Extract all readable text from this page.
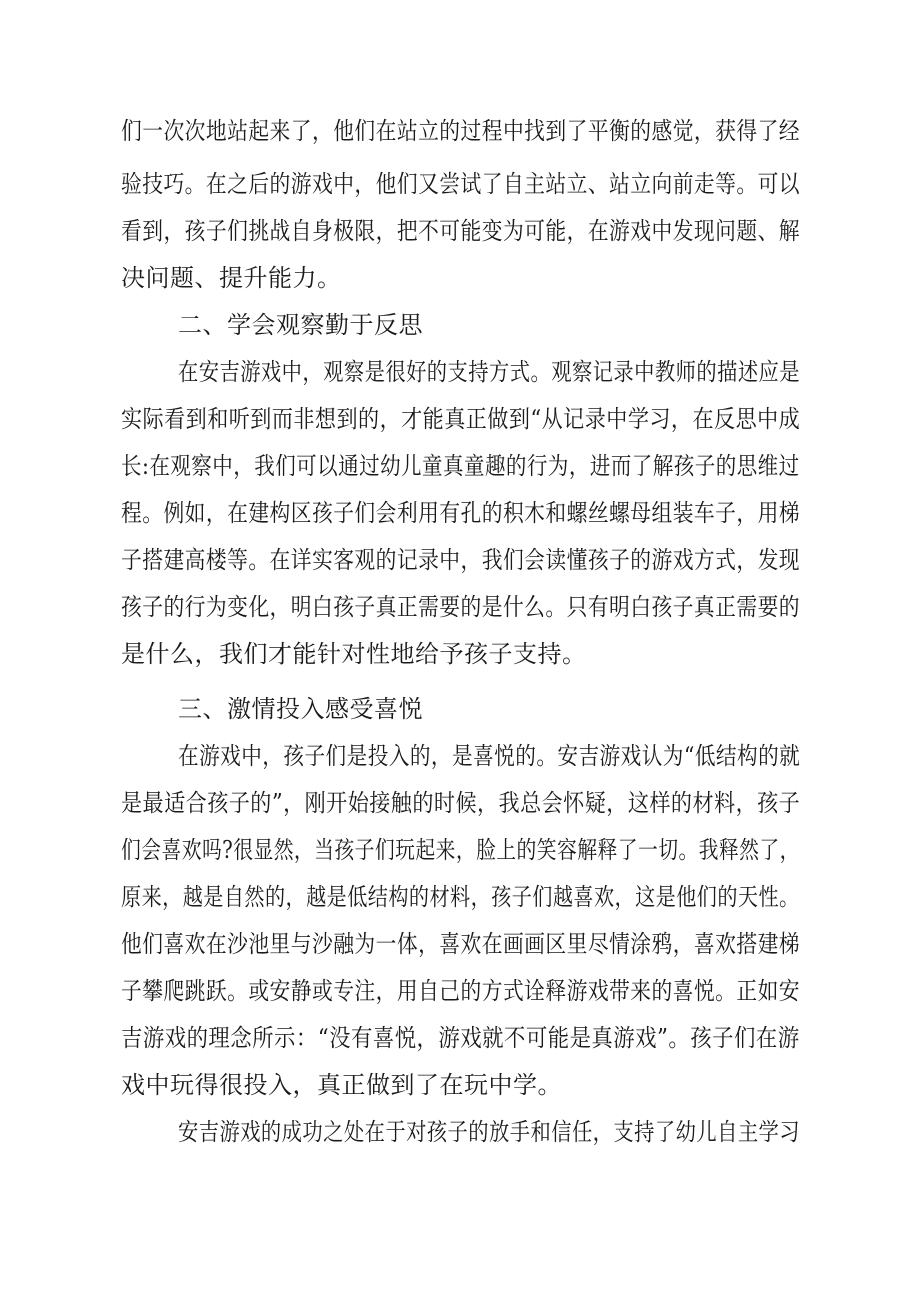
们一次次地站起来了，他们在站立的过程中找到了平衡的感觉，获得了经
验技巧。在之后的游戏中，他们又尝试了自主站立、站立向前走等。可以
看到，孩子们挑战自身极限，把不可能变为可能，在游戏中发现问题、解
决问题、提升能力。
二、学会观察勤于反思
在安吉游戏中，观察是很好的支持方式。观察记录中教师的描述应是
实际看到和听到而非想到的，才能真正做到“从记录中学习，在反思中成
长:在观察中，我们可以通过幼儿童真童趣的行为，进而了解孩子的思维过
程。例如，在建构区孩子们会利用有孔的积木和螺丝螺母组装车子，用梯
子搭建高楼等。在详实客观的记录中，我们会读懂孩子的游戏方式，发现
孩子的行为变化，明白孩子真正需要的是什么。只有明白孩子真正需要的
是什么，我们才能针对性地给予孩子支持。
三、激情投入感受喜悦
在游戏中，孩子们是投入的，是喜悦的。安吉游戏认为“低结构的就
是最适合孩子的”，刚开始接触的时候，我总会怀疑，这样的材料，孩子
们会喜欢吗?很显然，当孩子们玩起来，脸上的笑容解释了一切。我释然了，
原来，越是自然的，越是低结构的材料，孩子们越喜欢，这是他们的天性。
他们喜欢在沙池里与沙融为一体，喜欢在画画区里尽情涂鸦，喜欢搭建梯
子攀爬跳跃。或安静或专注，用自己的方式诠释游戏带来的喜悦。正如安
吉游戏的理念所示：“没有喜悦，游戏就不可能是真游戏”。孩子们在游
戏中玩得很投入，真正做到了在玩中学。
安吉游戏的成功之处在于对孩子的放手和信任，支持了幼儿自主学习
